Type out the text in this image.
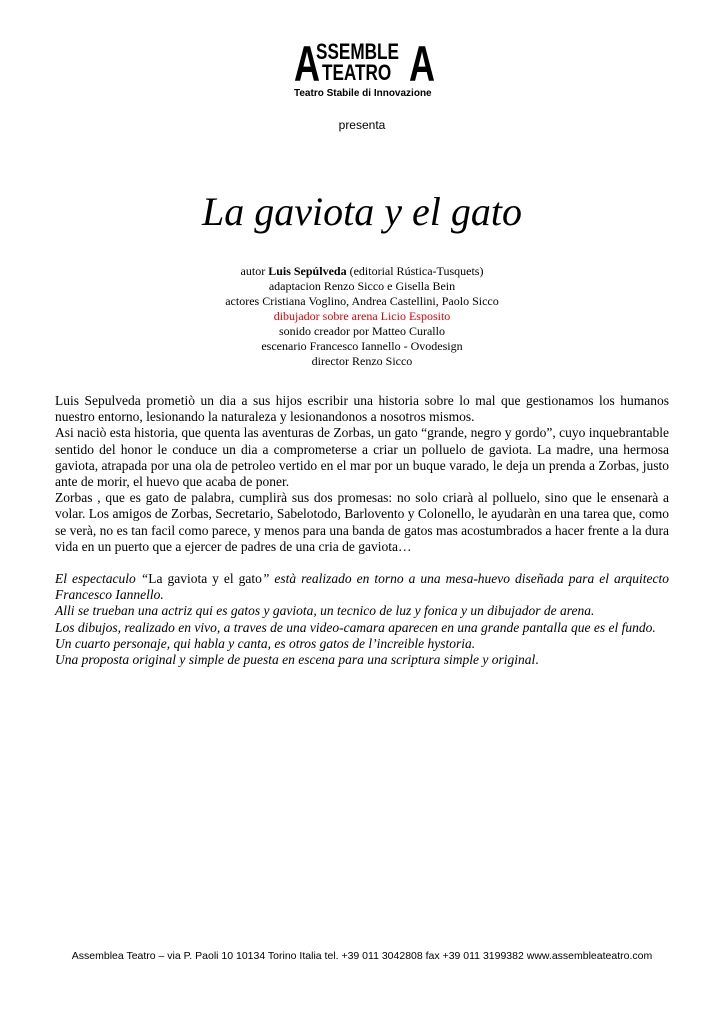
A
SSEMBLE
TEATRO A
Teatro Stabile di Innovazione
presenta
La gaviota y el gato
autor Luis Sepúlveda (editorial Rústica-Tusquets)
adaptacion Renzo Sicco e Gisella Bein
actores Cristiana Voglino, Andrea Castellini, Paolo Sicco
dibujador sobre arena Licio Esposito
sonido creador por Matteo Curallo
escenario Francesco Iannello - Ovodesign
director Renzo Sicco

Luis Sepulveda prometiò un dia a sus hijos escribir una historia sobre lo mal que gestionamos los humanos nuestro entorno, lesionando la naturaleza y lesionandonos a nosotros mismos.

Asi naciò esta historia, que quenta las aventuras de Zorbas, un gato “grande, negro y gordo”, cuyo inquebrantable sentido del honor le conduce un dia a comprometerse a criar un polluelo de gaviota. La madre, una hermosa gaviota, atrapada por una ola de petroleo vertido en el mar por un buque varado, le deja un prenda a Zorbas, justo ante de morir, el huevo que acaba de poner.

Zorbas , que es gato de palabra, cumplirà sus dos promesas: no solo criarà al polluelo, sino que le ensenarà a volar. Los amigos de Zorbas, Secretario, Sabelotodo, Barlovento y Colonello, le ayudaràn en una tarea que, como se verà, no es tan facil como parece, y menos para una banda de gatos mas acostumbrados a hacer frente a la dura vida en un puerto que a ejercer de padres de una cria de gaviota…

El espectaculo “La gaviota y el gato” està realizado en torno a una mesa-huevo diseñada para el arquitecto Francesco Iannello.

Alli se trueban una actriz qui es gatos y gaviota, un tecnico de luz y fonica y un dibujador de arena.

Los dibujos, realizado en vivo, a traves de una video-camara aparecen en una grande pantalla que es el fundo.

Un cuarto personaje, qui habla y canta, es otros gatos de l’increible hystoria.

Una proposta original y simple de puesta en escena para una scriptura simple y original.

Assemblea Teatro – via P. Paoli 10 10134 Torino Italia tel. +39 011 3042808 fax +39 011 3199382 www.assembleateatro.com
